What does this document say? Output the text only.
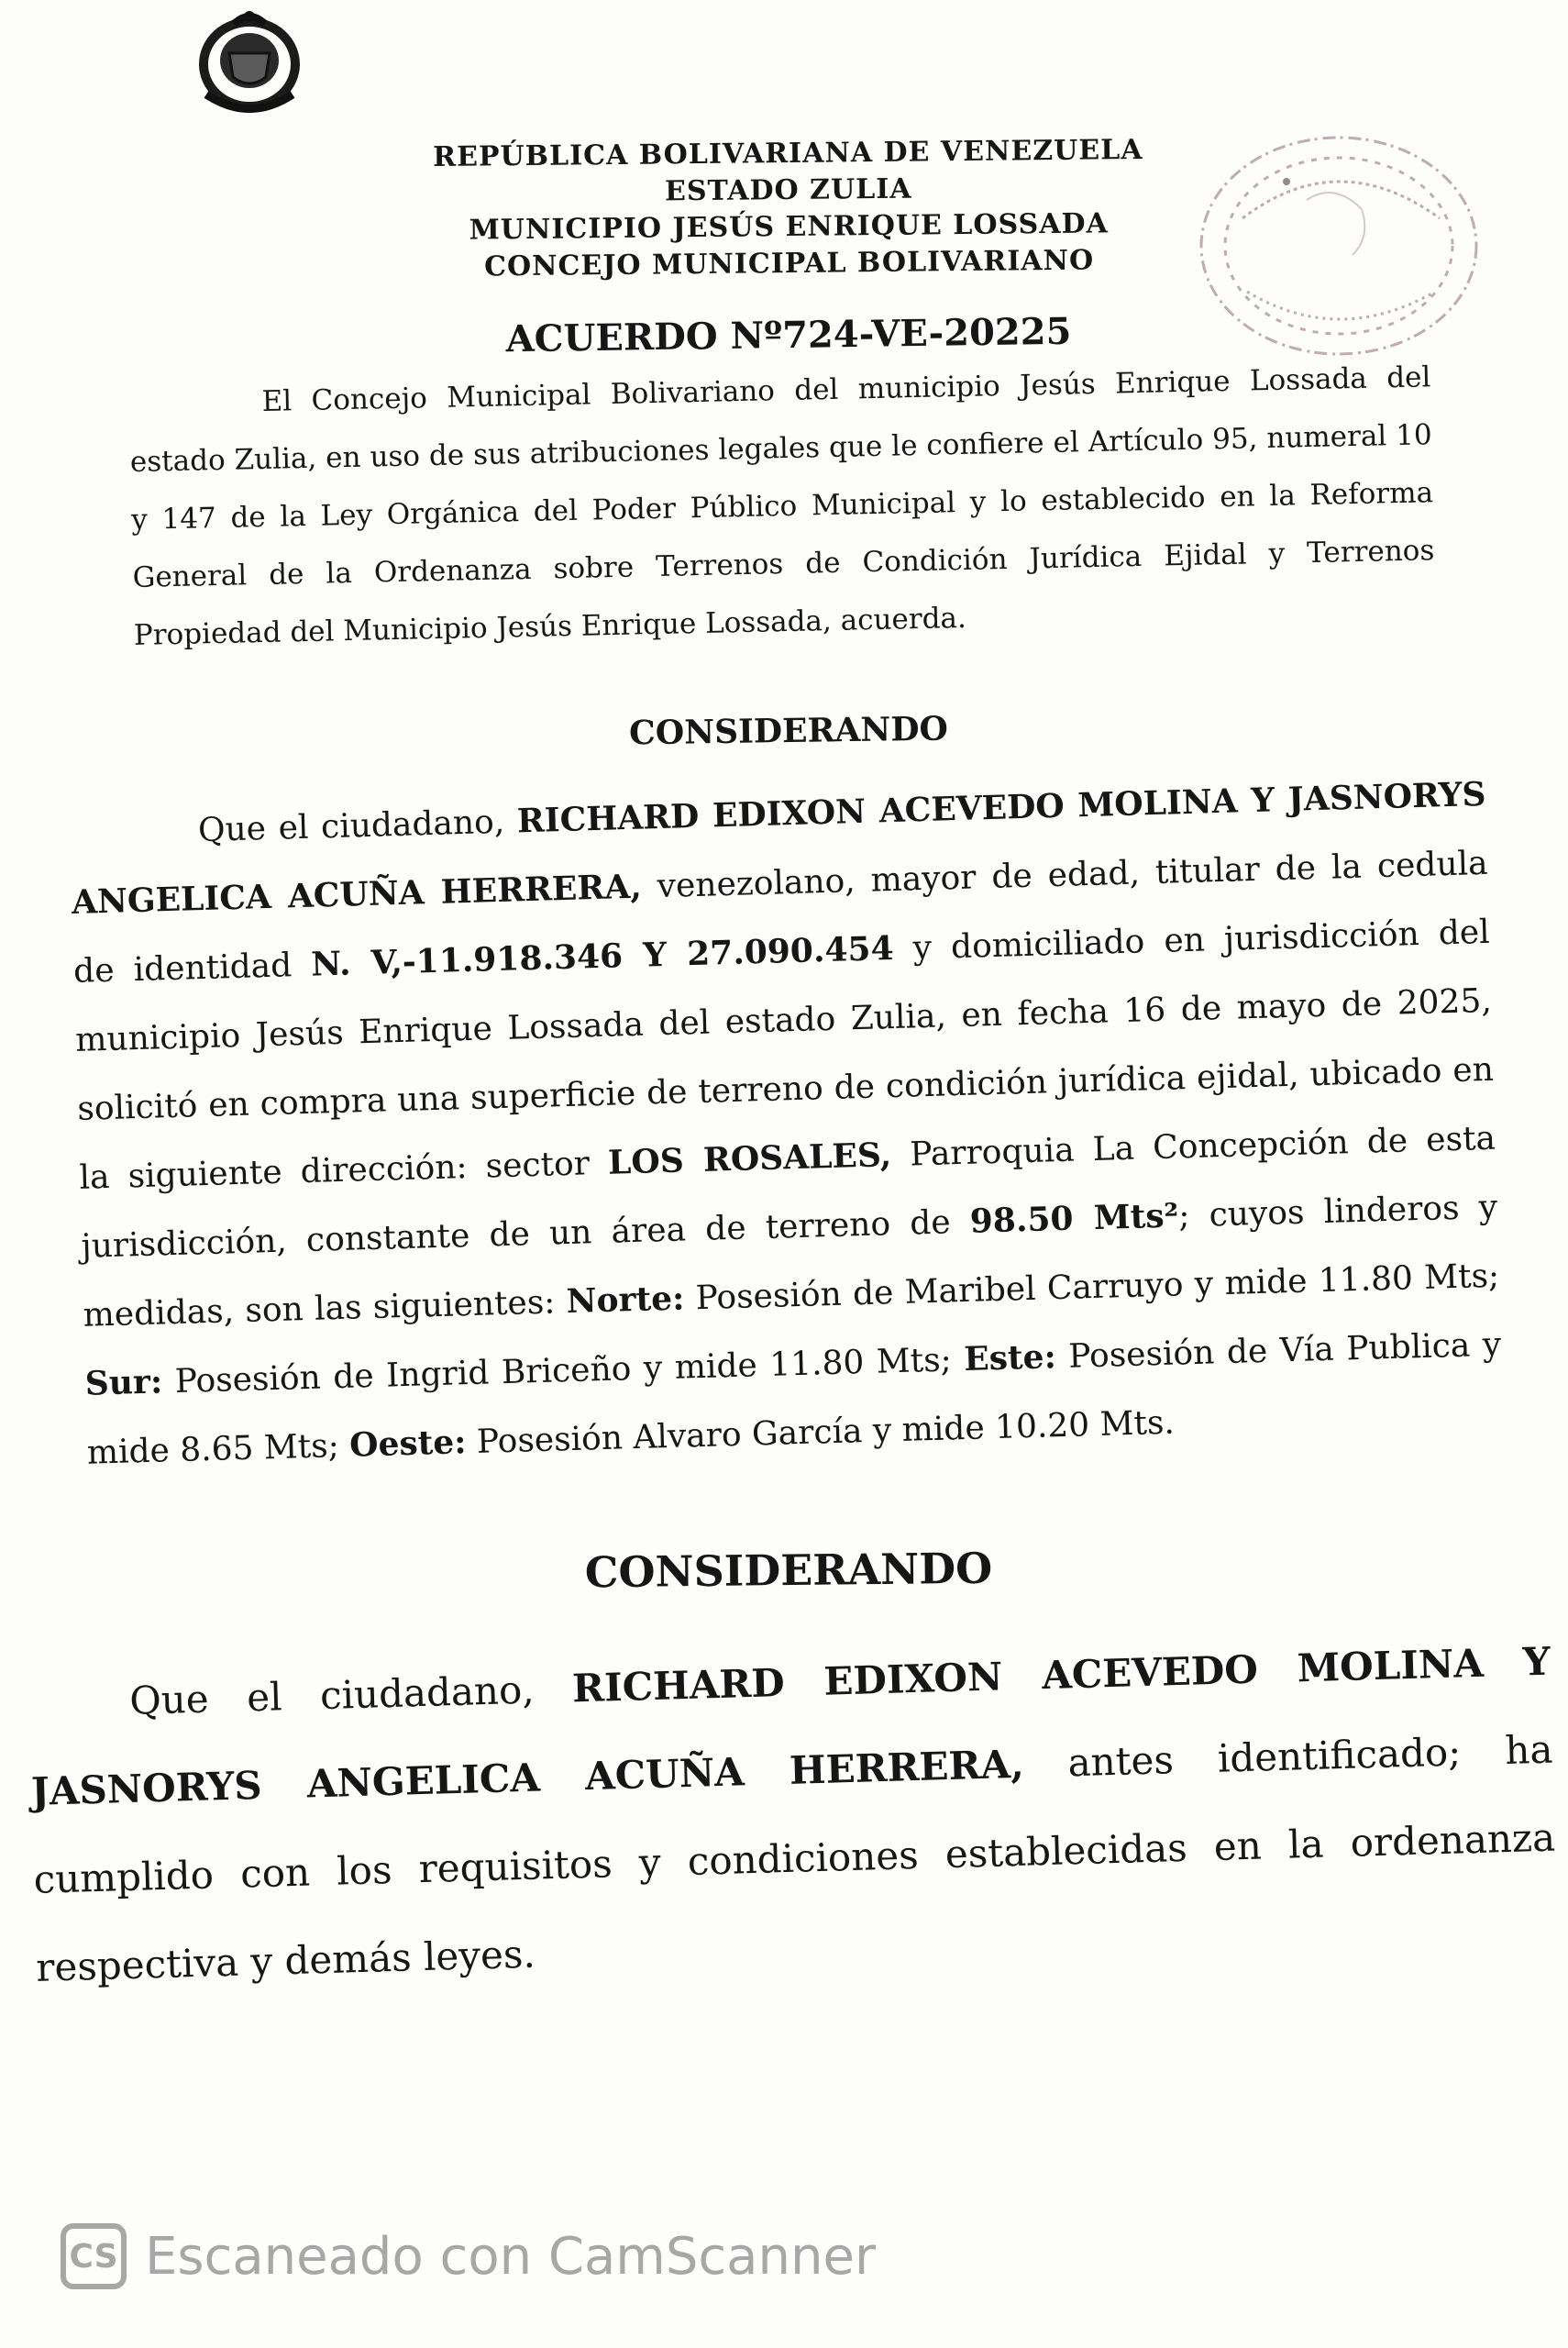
REPÚBLICA BOLIVARIANA DE VENEZUELA
ESTADO ZULIA
MUNICIPIO JESÚS ENRIQUE LOSSADA
CONCEJO MUNICIPAL BOLIVARIANO
ACUERDO Nº724-VE-20225
El Concejo Municipal Bolivariano del municipio Jesús Enrique Lossada del estado Zulia, en uso de sus atribuciones legales que le confiere el Artículo 95, numeral 10 y 147 de la Ley Orgánica del Poder Público Municipal y lo establecido en la Reforma General de la Ordenanza sobre Terrenos de Condición Jurídica Ejidal y Terrenos Propiedad del Municipio Jesús Enrique Lossada, acuerda.
CONSIDERANDO
Que el ciudadano, RICHARD EDIXON ACEVEDO MOLINA Y JASNORYS ANGELICA ACUÑA HERRERA, venezolano, mayor de edad, titular de la cedula de identidad N. V,-11.918.346 Y 27.090.454 y domiciliado en jurisdicción del municipio Jesús Enrique Lossada del estado Zulia, en fecha 16 de mayo de 2025, solicitó en compra una superficie de terreno de condición jurídica ejidal, ubicado en la siguiente dirección: sector LOS ROSALES, Parroquia La Concepción de esta jurisdicción, constante de un área de terreno de 98.50 Mts²; cuyos linderos y medidas, son las siguientes: Norte: Posesión de Maribel Carruyo y mide 11.80 Mts; Sur: Posesión de Ingrid Briceño y mide 11.80 Mts; Este: Posesión de Vía Publica y mide 8.65 Mts; Oeste: Posesión Alvaro García y mide 10.20 Mts.
CONSIDERANDO
Que el ciudadano, RICHARD EDIXON ACEVEDO MOLINA Y JASNORYS ANGELICA ACUÑA HERRERA, antes identificado; ha cumplido con los requisitos y condiciones establecidas en la ordenanza respectiva y demás leyes.
CS Escaneado con CamScanner
